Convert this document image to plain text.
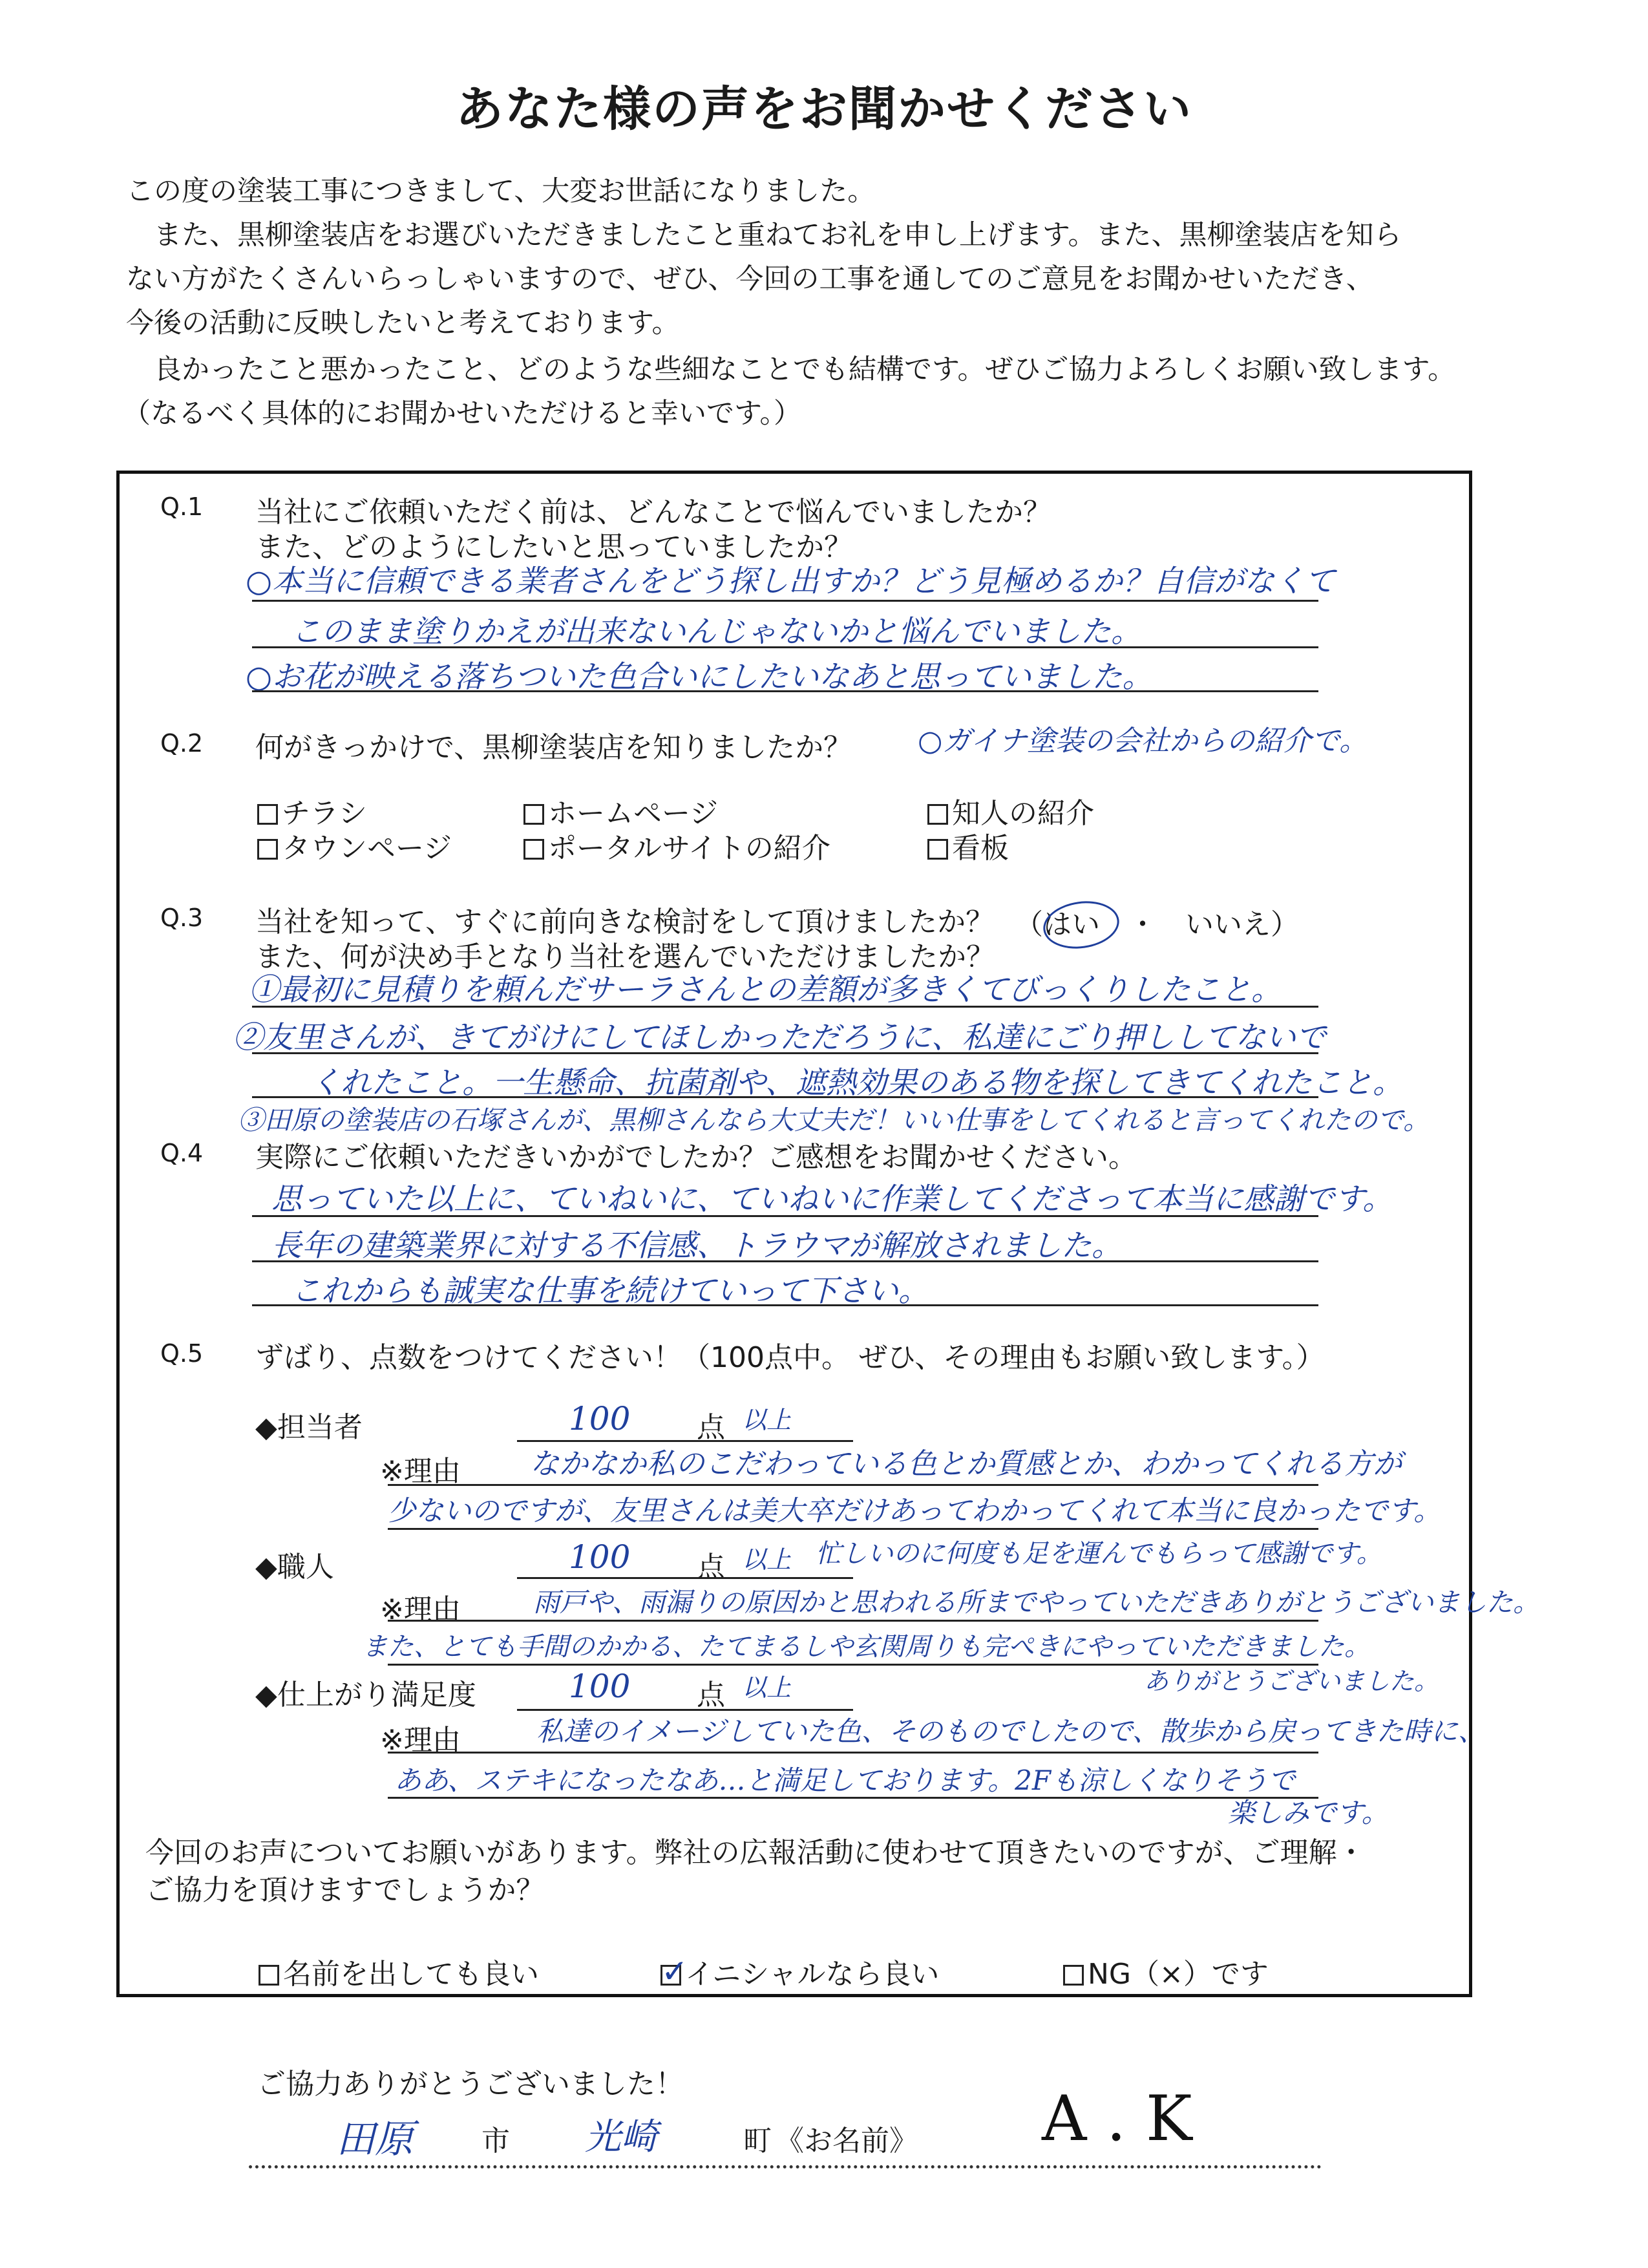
あなた様の声をお聞かせください
この度の塗装工事につきまして、大変お世話になりました。
　また、黒柳塗装店をお選びいただきましたこと重ねてお礼を申し上げます。また、黒柳塗装店を知ら
ない方がたくさんいらっしゃいますので、ぜひ、今回の工事を通してのご意見をお聞かせいただき、
今後の活動に反映したいと考えております。
　良かったこと悪かったこと、どのような些細なことでも結構です。ぜひご協力よろしくお願い致します。
（なるべく具体的にお聞かせいただけると幸いです。）
Q.1 当社にご依頼いただく前は、どんなことで悩んでいましたか？
また、どのようにしたいと思っていましたか？
○本当に信頼できる業者さんをどう探し出すか？どう見極めるか？自信がなくて
このまま塗りかえが出来ないんじゃないかと悩んでいました。
○お花が映える落ちついた色合いにしたいなあと思っていました。
Q.2 何がきっかけで、黒柳塗装店を知りましたか？ ○ガイナ塗装の会社からの紹介で。
チラシ	ホームページ	知人の紹介
タウンページ	ポータルサイトの紹介	看板
Q.3 当社を知って、すぐに前向きな検討をして頂けましたか？ （はい　・　いいえ）
また、何が決め手となり当社を選んでいただけましたか？
①最初に見積りを頼んだサーラさんとの差額が多きくてびっくりしたこと。
②友里さんが、きてがけにしてほしかっただろうに、私達にごり押ししてないで
くれたこと。一生懸命、抗菌剤や、遮熱効果のある物を探してきてくれたこと。
③田原の塗装店の石塚さんが、黒柳さんなら大丈夫だ！いい仕事をしてくれると言ってくれたので。
Q.4 実際にご依頼いただきいかがでしたか？ご感想をお聞かせください。
思っていた以上に、ていねいに、ていねいに作業してくださって本当に感謝です。
長年の建築業界に対する不信感、トラウマが解放されました。
これからも誠実な仕事を続けていって下さい。
Q.5 ずばり、点数をつけてください！（100点中。 ぜひ、その理由もお願い致します。）
◆担当者	100 点 以上
※理由 なかなか私のこだわっている色とか質感とか、わかってくれる方が
少ないのですが、友里さんは美大卒だけあってわかってくれて本当に良かったです。
◆職人	100 点 以上 忙しいのに何度も足を運んでもらって感謝です。
※理由	雨戸や、雨漏りの原因かと思われる所までやっていただきありがとうございました。
また、とても手間のかかる、たてまるしや玄関周りも完ぺきにやっていただきました。
ありがとうございました。
◆仕上がり満足度	100 点 以上
※理由	私達のイメージしていた色、そのものでしたので、散歩から戻ってきた時に、
ああ、ステキになったなあ…と満足しております。2Fも涼しくなりそうで
楽しみです。
今回のお声についてお願いがあります。弊社の広報活動に使わせて頂きたいのですが、ご理解・
ご協力を頂けますでしょうか？
名前を出しても良い ✓	イニシャルなら良い	NG（×）です
ご協力ありがとうございました！
田原 市 光崎	町 《お名前》 A . K
